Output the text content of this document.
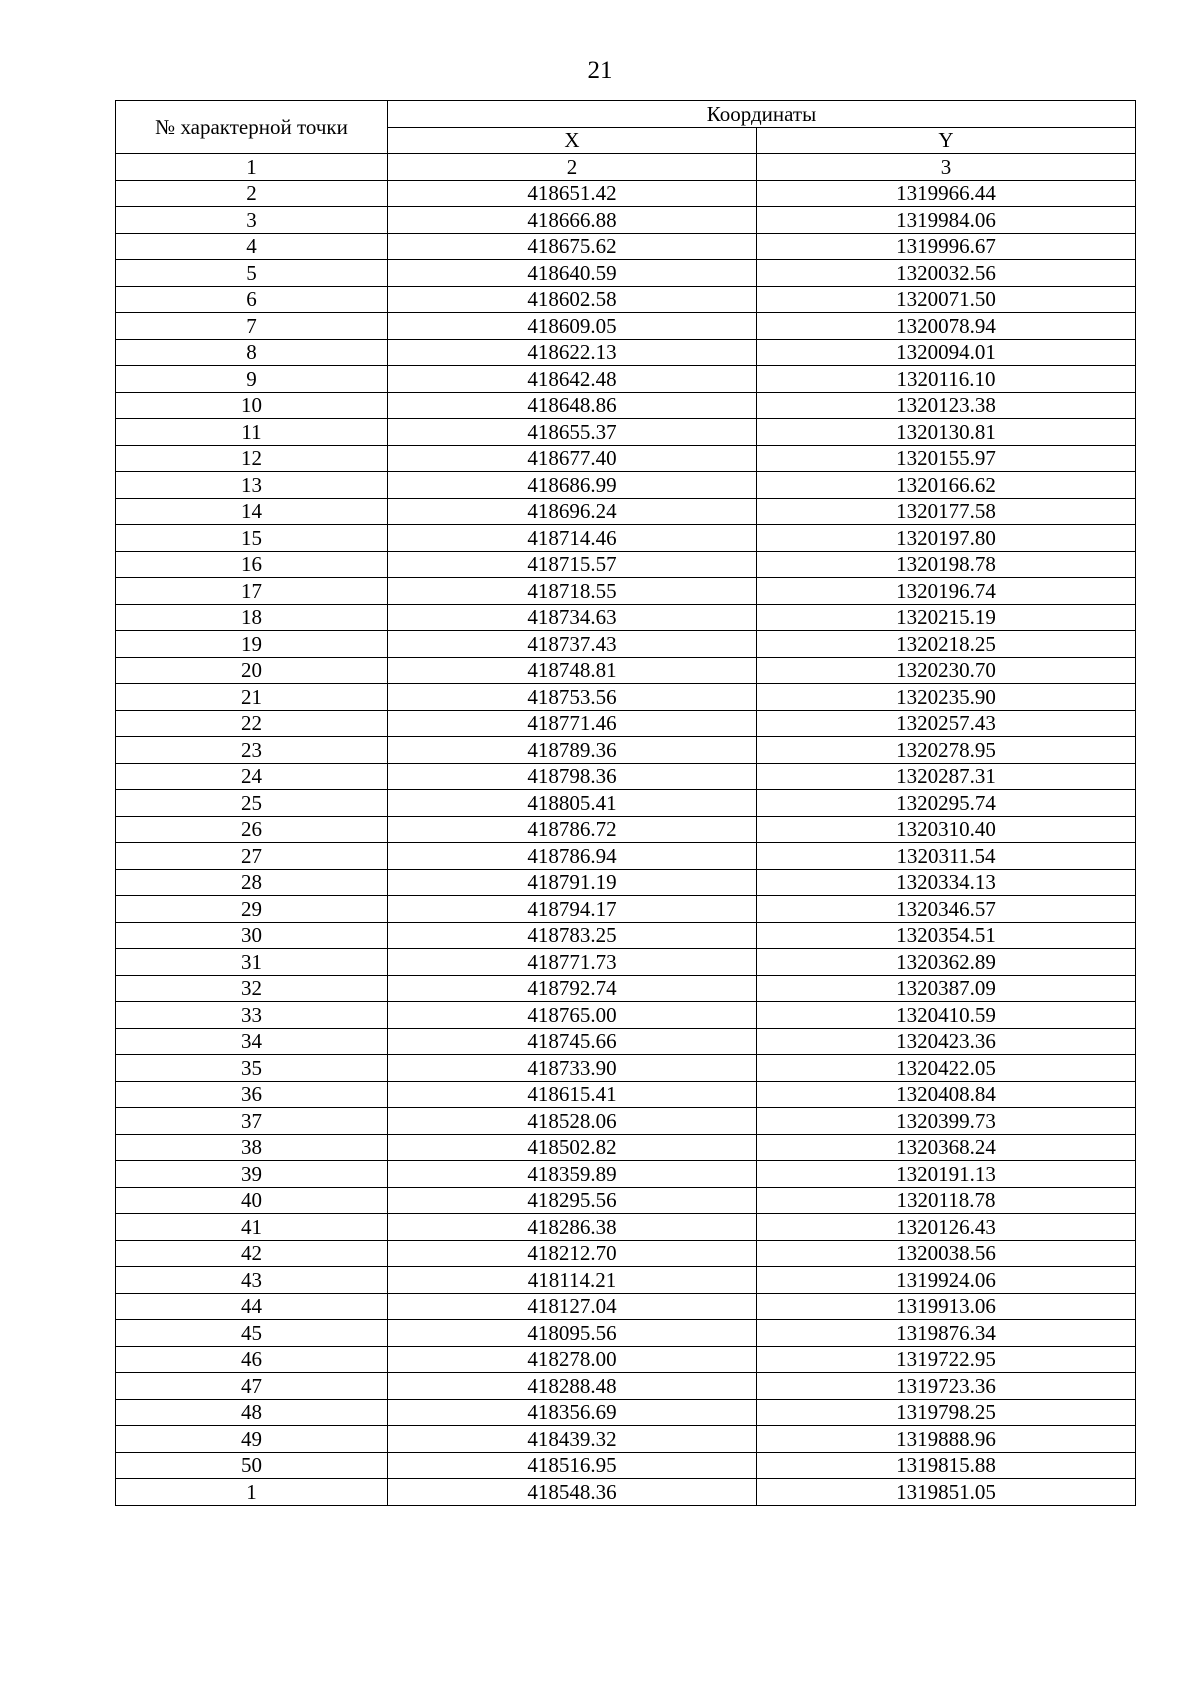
21
№ характерной точки	Координаты	
	X	Y
1	2	3
2	418651.42	1319966.44
3	418666.88	1319984.06
4	418675.62	1319996.67
5	418640.59	1320032.56
6	418602.58	1320071.50
7	418609.05	1320078.94
8	418622.13	1320094.01
9	418642.48	1320116.10
10	418648.86	1320123.38
11	418655.37	1320130.81
12	418677.40	1320155.97
13	418686.99	1320166.62
14	418696.24	1320177.58
15	418714.46	1320197.80
16	418715.57	1320198.78
17	418718.55	1320196.74
18	418734.63	1320215.19
19	418737.43	1320218.25
20	418748.81	1320230.70
21	418753.56	1320235.90
22	418771.46	1320257.43
23	418789.36	1320278.95
24	418798.36	1320287.31
25	418805.41	1320295.74
26	418786.72	1320310.40
27	418786.94	1320311.54
28	418791.19	1320334.13
29	418794.17	1320346.57
30	418783.25	1320354.51
31	418771.73	1320362.89
32	418792.74	1320387.09
33	418765.00	1320410.59
34	418745.66	1320423.36
35	418733.90	1320422.05
36	418615.41	1320408.84
37	418528.06	1320399.73
38	418502.82	1320368.24
39	418359.89	1320191.13
40	418295.56	1320118.78
41	418286.38	1320126.43
42	418212.70	1320038.56
43	418114.21	1319924.06
44	418127.04	1319913.06
45	418095.56	1319876.34
46	418278.00	1319722.95
47	418288.48	1319723.36
48	418356.69	1319798.25
49	418439.32	1319888.96
50	418516.95	1319815.88
1	418548.36	1319851.05
